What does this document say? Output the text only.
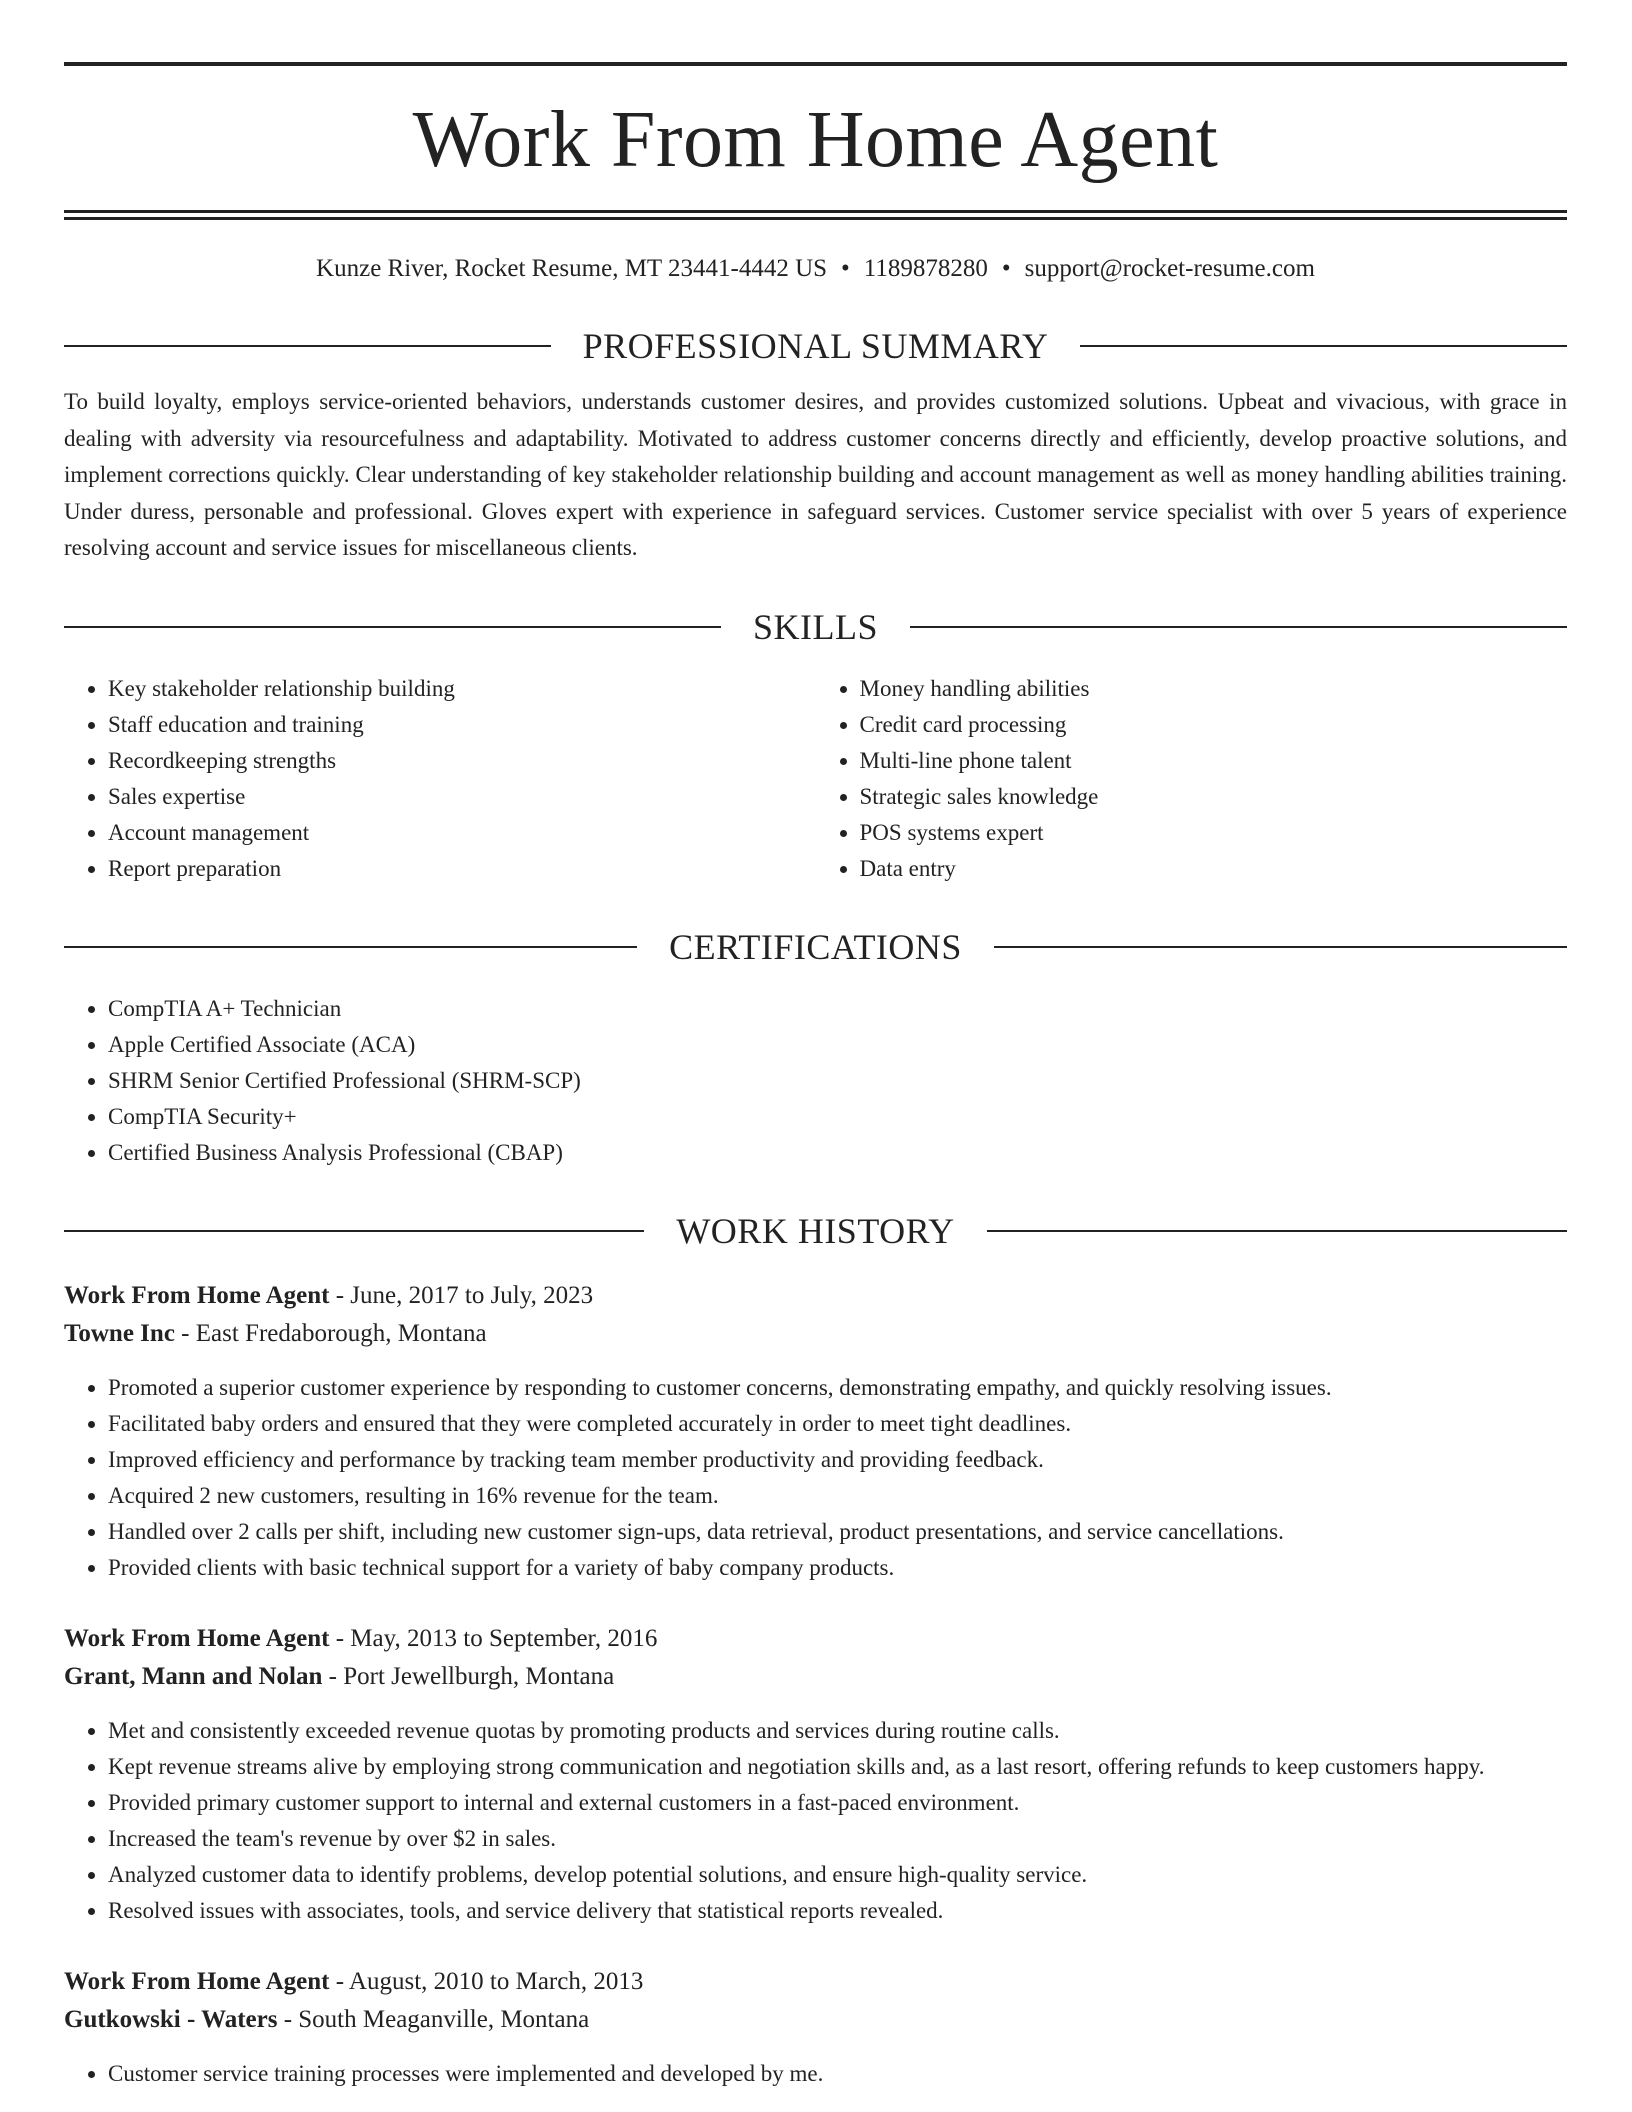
Work From Home Agent
Kunze River, Rocket Resume, MT 23441-4442 US • 1189878280 • support@rocket-resume.com
PROFESSIONAL SUMMARY
To build loyalty, employs service-oriented behaviors, understands customer desires, and provides customized solutions. Upbeat and vivacious, with grace in dealing with adversity via resourcefulness and adaptability. Motivated to address customer concerns directly and efficiently, develop proactive solutions, and implement corrections quickly. Clear understanding of key stakeholder relationship building and account management as well as money handling abilities training. Under duress, personable and professional. Gloves expert with experience in safeguard services. Customer service specialist with over 5 years of experience resolving account and service issues for miscellaneous clients.
SKILLS
• Key stakeholder relationship building
• Staff education and training
• Recordkeeping strengths
• Sales expertise
• Account management
• Report preparation
• Money handling abilities
• Credit card processing
• Multi-line phone talent
• Strategic sales knowledge
• POS systems expert
• Data entry
CERTIFICATIONS
• CompTIA A+ Technician
• Apple Certified Associate (ACA)
• SHRM Senior Certified Professional (SHRM-SCP)
• CompTIA Security+
• Certified Business Analysis Professional (CBAP)
WORK HISTORY
Work From Home Agent - June, 2017 to July, 2023
Towne Inc - East Fredaborough, Montana
• Promoted a superior customer experience by responding to customer concerns, demonstrating empathy, and quickly resolving issues.
• Facilitated baby orders and ensured that they were completed accurately in order to meet tight deadlines.
• Improved efficiency and performance by tracking team member productivity and providing feedback.
• Acquired 2 new customers, resulting in 16% revenue for the team.
• Handled over 2 calls per shift, including new customer sign-ups, data retrieval, product presentations, and service cancellations.
• Provided clients with basic technical support for a variety of baby company products.
Work From Home Agent - May, 2013 to September, 2016
Grant, Mann and Nolan - Port Jewellburgh, Montana
• Met and consistently exceeded revenue quotas by promoting products and services during routine calls.
• Kept revenue streams alive by employing strong communication and negotiation skills and, as a last resort, offering refunds to keep customers happy.
• Provided primary customer support to internal and external customers in a fast-paced environment.
• Increased the team's revenue by over $2 in sales.
• Analyzed customer data to identify problems, develop potential solutions, and ensure high-quality service.
• Resolved issues with associates, tools, and service delivery that statistical reports revealed.
Work From Home Agent - August, 2010 to March, 2013
Gutkowski - Waters - South Meaganville, Montana
• Customer service training processes were implemented and developed by me.
